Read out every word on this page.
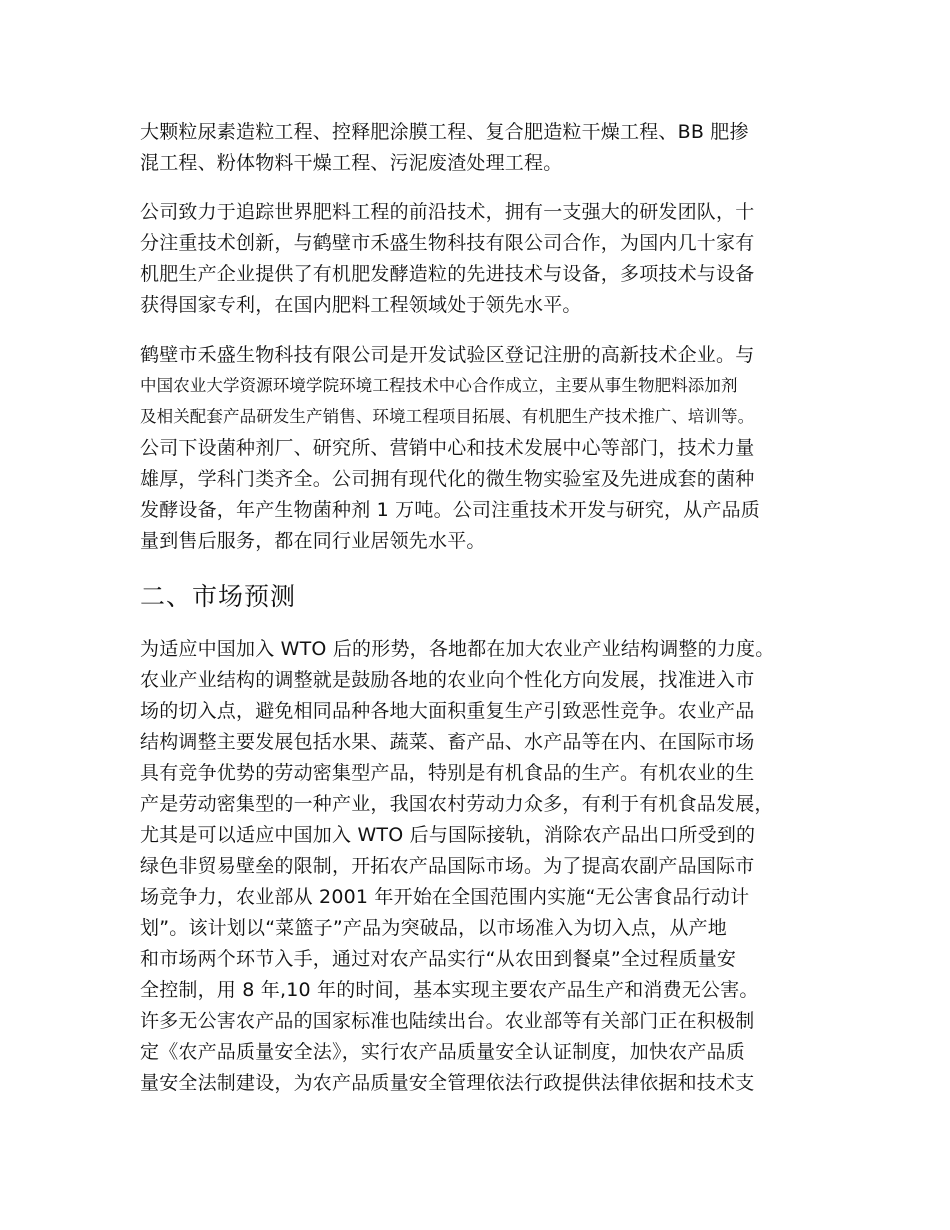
大颗粒尿素造粒工程、控释肥涂膜工程、复合肥造粒干燥工程、BB 肥掺
混工程、粉体物料干燥工程、污泥废渣处理工程。
公司致力于追踪世界肥料工程的前沿技术，拥有一支强大的研发团队，十
分注重技术创新，与鹤壁市禾盛生物科技有限公司合作，为国内几十家有
机肥生产企业提供了有机肥发酵造粒的先进技术与设备，多项技术与设备
获得国家专利，在国内肥料工程领域处于领先水平。
鹤壁市禾盛生物科技有限公司是开发试验区登记注册的高新技术企业。与
中国农业大学资源环境学院环境工程技术中心合作成立，主要从事生物肥料添加剂
及相关配套产品研发生产销售、环境工程项目拓展、有机肥生产技术推广、培训等。
公司下设菌种剂厂、研究所、营销中心和技术发展中心等部门，技术力量
雄厚，学科门类齐全。公司拥有现代化的微生物实验室及先进成套的菌种
发酵设备，年产生物菌种剂 1 万吨。公司注重技术开发与研究，从产品质
量到售后服务，都在同行业居领先水平。
二、市场预测
为适应中国加入 WTO 后的形势，各地都在加大农业产业结构调整的力度。
农业产业结构的调整就是鼓励各地的农业向个性化方向发展，找准进入市
场的切入点，避免相同品种各地大面积重复生产引致恶性竞争。农业产品
结构调整主要发展包括水果、蔬菜、畜产品、水产品等在内、在国际市场
具有竞争优势的劳动密集型产品，特别是有机食品的生产。有机农业的生
产是劳动密集型的一种产业，我国农村劳动力众多，有利于有机食品发展，
尤其是可以适应中国加入 WTO 后与国际接轨，消除农产品出口所受到的
绿色非贸易壁垒的限制，开拓农产品国际市场。为了提高农副产品国际市
场竞争力，农业部从 2001 年开始在全国范围内实施“无公害食品行动计
划”。该计划以“菜篮子”产品为突破品，以市场准入为切入点，从产地
和市场两个环节入手，通过对农产品实行“从农田到餐桌”全过程质量安
全控制，用 8 年,10 年的时间，基本实现主要农产品生产和消费无公害。
许多无公害农产品的国家标准也陆续出台。农业部等有关部门正在积极制
定《农产品质量安全法》，实行农产品质量安全认证制度，加快农产品质
量安全法制建设，为农产品质量安全管理依法行政提供法律依据和技术支
